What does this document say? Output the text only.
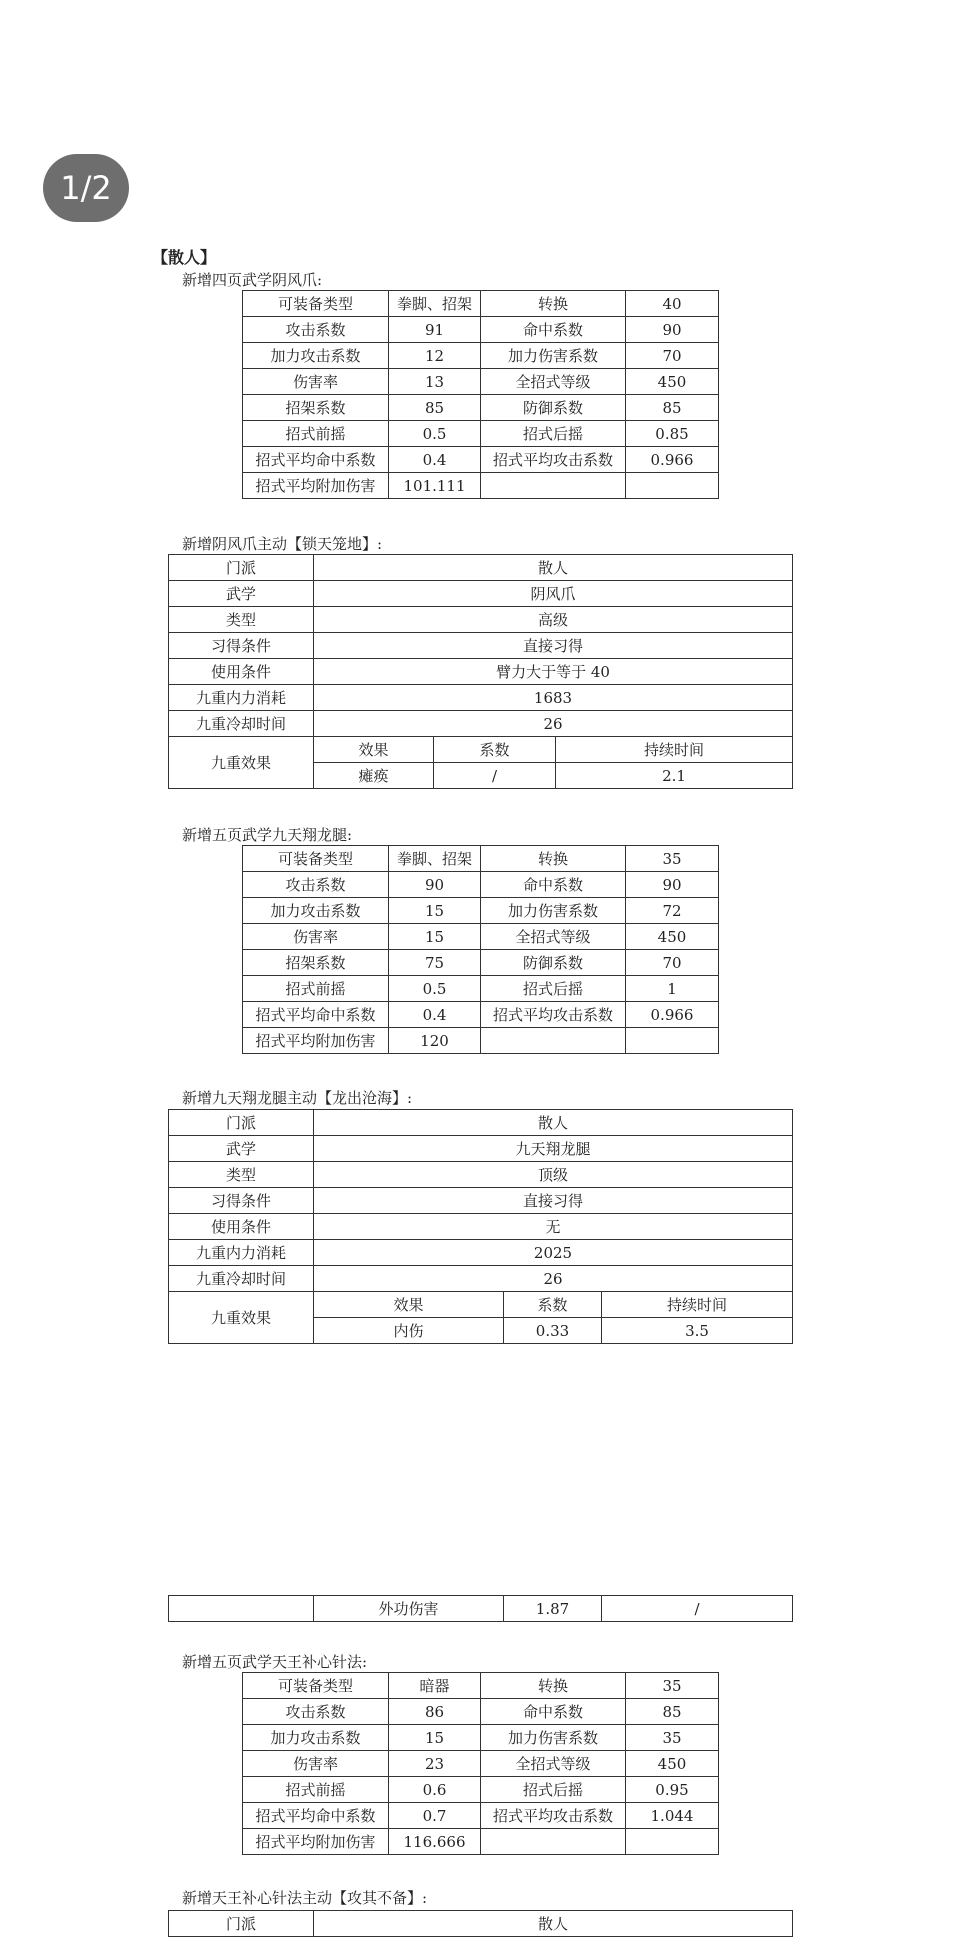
1/2
【散人】
新增四页武学阴风爪:
可装备类型	拳脚、招架	转换	40
攻击系数	91	命中系数	90
加力攻击系数	12	加力伤害系数	70
伤害率	13	全招式等级	450
招架系数	85	防御系数	85
招式前摇	0.5	招式后摇	0.85
招式平均命中系数	0.4	招式平均攻击系数	0.966
招式平均附加伤害	101.111		
新增阴风爪主动【锁天笼地】:
门派	散人		
武学	阴风爪		
类型	高级		
习得条件	直接习得		
使用条件	臂力大于等于 40		
九重内力消耗	1683		
九重冷却时间	26		
九重效果	效果	系数	持续时间
	瘫痪	/	2.1
新增五页武学九天翔龙腿:
可装备类型	拳脚、招架	转换	35
攻击系数	90	命中系数	90
加力攻击系数	15	加力伤害系数	72
伤害率	15	全招式等级	450
招架系数	75	防御系数	70
招式前摇	0.5	招式后摇	1
招式平均命中系数	0.4	招式平均攻击系数	0.966
招式平均附加伤害	120		
新增九天翔龙腿主动【龙出沧海】:
门派	散人		
武学	九天翔龙腿		
类型	顶级		
习得条件	直接习得		
使用条件	无		
九重内力消耗	2025		
九重冷却时间	26		
九重效果	效果	系数	持续时间
	内伤	0.33	3.5
	外功伤害	1.87	/
新增五页武学天王补心针法:
可装备类型	暗器	转换	35
攻击系数	86	命中系数	85
加力攻击系数	15	加力伤害系数	35
伤害率	23	全招式等级	450
招式前摇	0.6	招式后摇	0.95
招式平均命中系数	0.7	招式平均攻击系数	1.044
招式平均附加伤害	116.666		
新增天王补心针法主动【攻其不备】:
门派	散人
